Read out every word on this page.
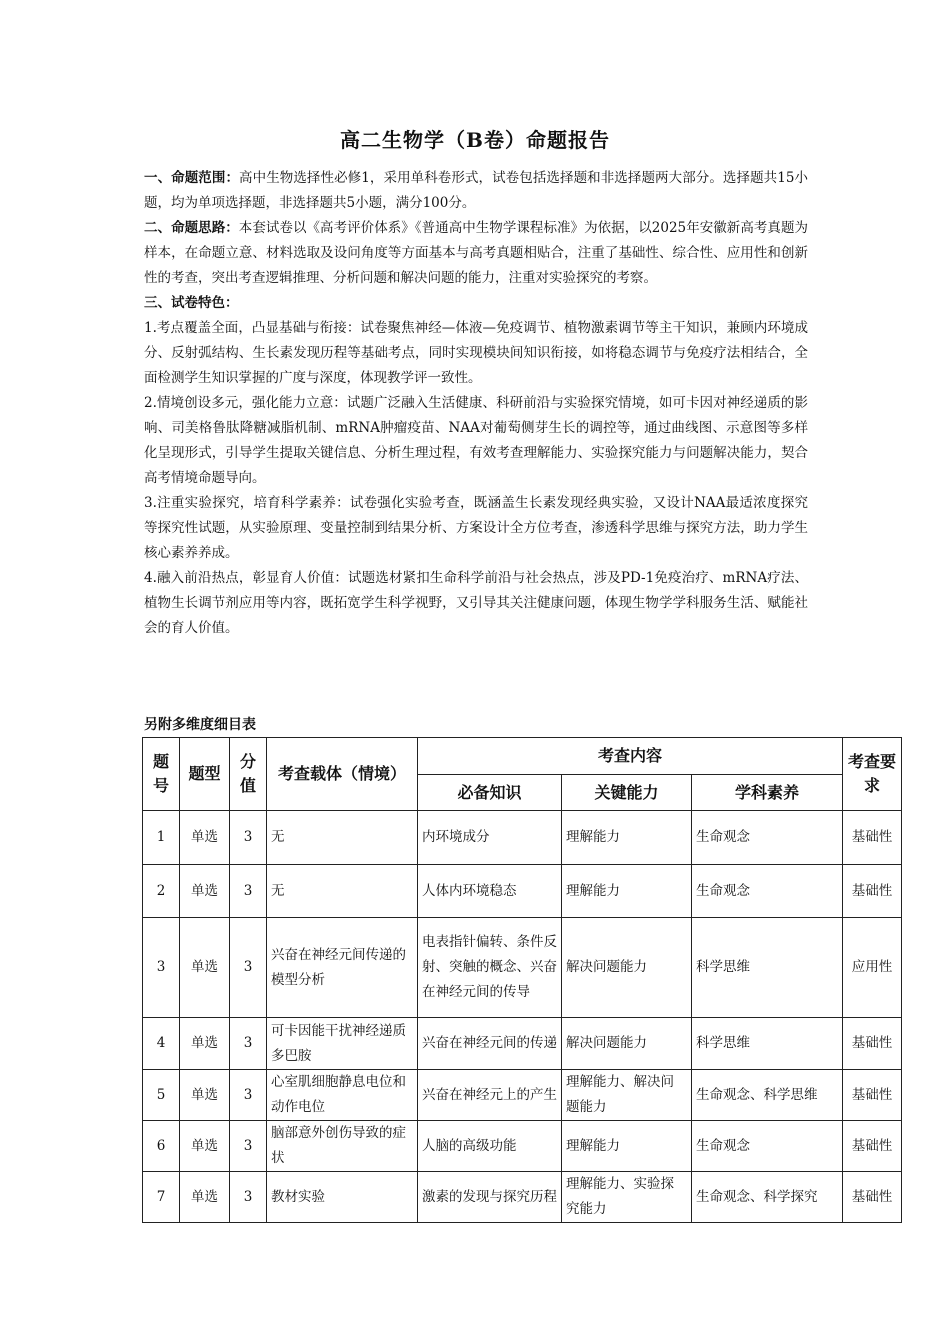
高二生物学（B卷）命题报告

一、命题范围：高中生物选择性必修1，采用单科卷形式，试卷包括选择题和非选择题两大部分。选择题共15小题，均为单项选择题，非选择题共5小题，满分100分。

二、命题思路：本套试卷以《高考评价体系》《普通高中生物学课程标准》为依据，以2025年安徽新高考真题为样本，在命题立意、材料选取及设问角度等方面基本与高考真题相贴合，注重了基础性、综合性、应用性和创新性的考查，突出考查逻辑推理、分析问题和解决问题的能力，注重对实验探究的考察。

三、试卷特色：

1.考点覆盖全面，凸显基础与衔接：试卷聚焦神经—体液—免疫调节、植物激素调节等主干知识，兼顾内环境成分、反射弧结构、生长素发现历程等基础考点，同时实现模块间知识衔接，如将稳态调节与免疫疗法相结合，全面检测学生知识掌握的广度与深度，体现教学评一致性。

2.情境创设多元，强化能力立意：试题广泛融入生活健康、科研前沿与实验探究情境，如可卡因对神经递质的影响、司美格鲁肽降糖减脂机制、mRNA肿瘤疫苗、NAA对葡萄侧芽生长的调控等，通过曲线图、示意图等多样化呈现形式，引导学生提取关键信息、分析生理过程，有效考查理解能力、实验探究能力与问题解决能力，契合高考情境命题导向。

3.注重实验探究，培育科学素养：试卷强化实验考查，既涵盖生长素发现经典实验，又设计NAA最适浓度探究等探究性试题，从实验原理、变量控制到结果分析、方案设计全方位考查，渗透科学思维与探究方法，助力学生核心素养养成。

4.融入前沿热点，彰显育人价值：试题选材紧扣生命科学前沿与社会热点，涉及PD-1免疫治疗、mRNA疗法、植物生长调节剂应用等内容，既拓宽学生科学视野，又引导其关注健康问题，体现生物学学科服务生活、赋能社会的育人价值。

另附多维度细目表
题号	题型	分值	考查载体（情境）	考查内容			考查要求
				必备知识	关键能力	学科素养	
1	单选	3	无	内环境成分	理解能力	生命观念	基础性
2	单选	3	无	人体内环境稳态	理解能力	生命观念	基础性
3	单选	3	兴奋在神经元间传递的模型分析	电表指针偏转、条件反射、突触的概念、兴奋在神经元间的传导	解决问题能力	科学思维	应用性
4	单选	3	可卡因能干扰神经递质多巴胺	兴奋在神经元间的传递	解决问题能力	科学思维	基础性
5	单选	3	心室肌细胞静息电位和动作电位	兴奋在神经元上的产生	理解能力、解决问题能力	生命观念、科学思维	基础性
6	单选	3	脑部意外创伤导致的症状	人脑的高级功能	理解能力	生命观念	基础性
7	单选	3	教材实验	激素的发现与探究历程	理解能力、实验探究能力	生命观念、科学探究	基础性
